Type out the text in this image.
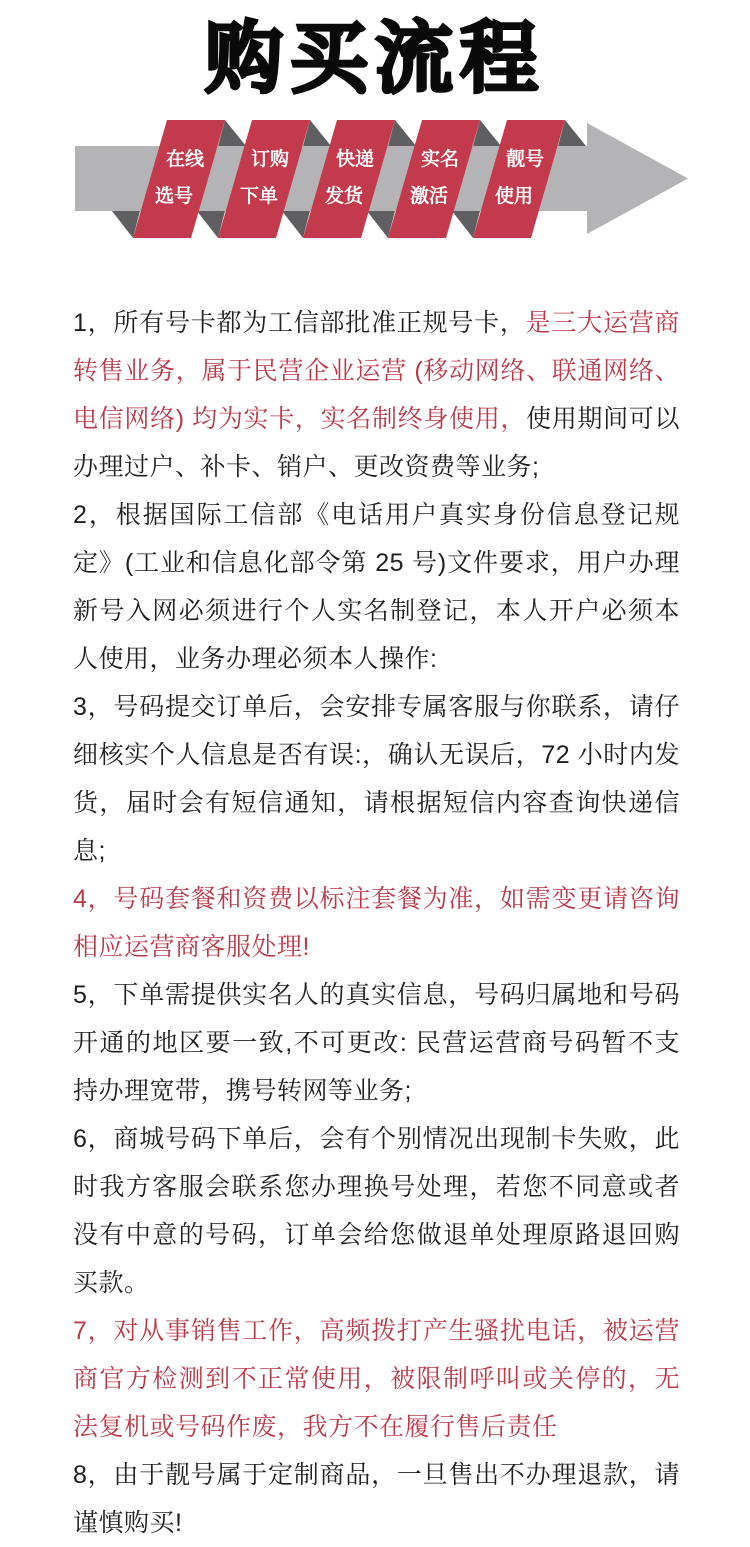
购买流程
在线
选号
订购
下单
快递
发货
实名
激活
靓号
使用

1，所有号卡都为工信部批准正规号卡，是三大运营商转售业务，属于民营企业运营 (移动网络、联通网络、电信网络) 均为实卡，实名制终身使用，使用期间可以办理过户、补卡、销户、更改资费等业务;

2，根据国际工信部《电话用户真实身份信息登记规定》(工业和信息化部令第 25 号)文件要求，用户办理新号入网必须进行个人实名制登记，本人开户必须本人使用，业务办理必须本人操作:

3，号码提交订单后，会安排专属客服与你联系，请仔细核实个人信息是否有误:，确认无误后，72 小时内发货，届时会有短信通知，请根据短信内容查询快递信息;

4，号码套餐和资费以标注套餐为准，如需变更请咨询相应运营商客服处理!

5，下单需提供实名人的真实信息，号码归属地和号码开通的地区要一致,不可更改: 民营运营商号码暂不支持办理宽带，携号转网等业务;

6，商城号码下单后，会有个别情况出现制卡失败，此时我方客服会联系您办理换号处理，若您不同意或者没有中意的号码，订单会给您做退单处理原路退回购买款。

7，对从事销售工作，高频拨打产生骚扰电话，被运营商官方检测到不正常使用，被限制呼叫或关停的，无法复机或号码作废，我方不在履行售后责任

8，由于靓号属于定制商品，一旦售出不办理退款，请谨慎购买!
